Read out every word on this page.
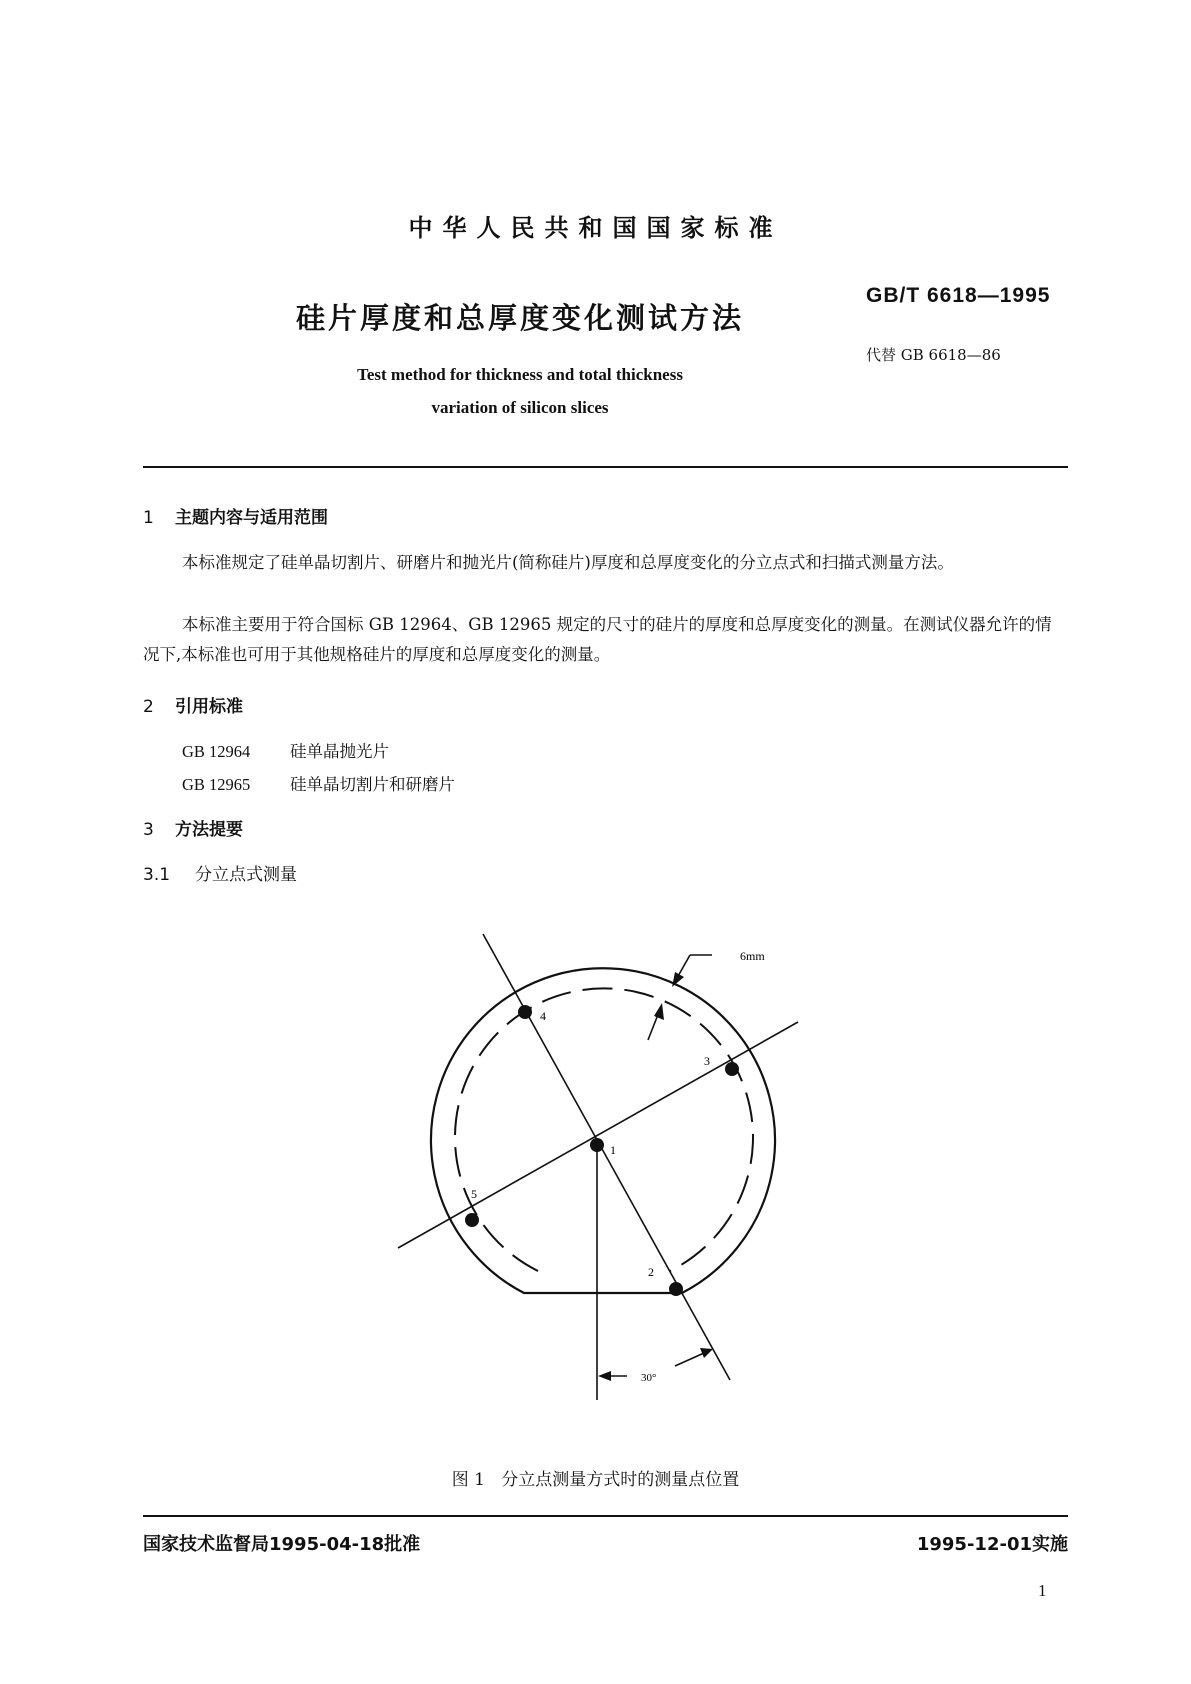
中华人民共和国国家标准
硅片厚度和总厚度变化测试方法
GB/T 6618—1995
代替 GB 6618—86
Test method for thickness and total thickness
variation of silicon slices
1 主题内容与适用范围
本标准规定了硅单晶切割片、研磨片和抛光片(简称硅片)厚度和总厚度变化的分立点式和扫描式测量方法。
本标准主要用于符合国标 GB 12964、GB 12965 规定的尺寸的硅片的厚度和总厚度变化的测量。在测试仪器允许的情况下,本标准也可用于其他规格硅片的厚度和总厚度变化的测量。
2 引用标准
GB 12964 硅单晶抛光片
GB 12965 硅单晶切割片和研磨片
3 方法提要
3.1 分立点式测量
1
2
3
4
5
6mm
30°
图 1   分立点测量方式时的测量点位置
国家技术监督局1995-04-18批准	1995-12-01实施
1
